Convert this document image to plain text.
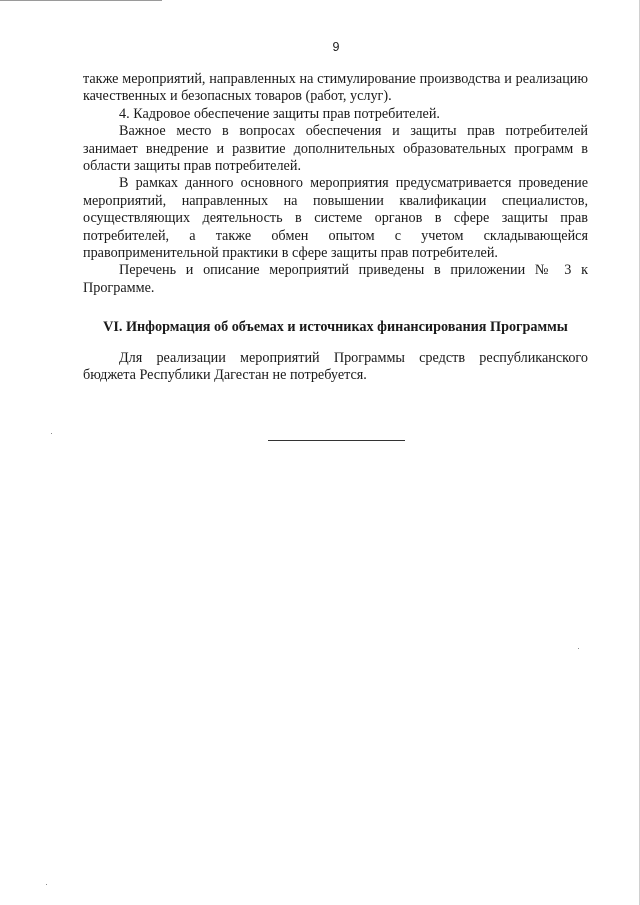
9

также мероприятий, направленных на стимулирование производства и реализацию качественных и безопасных товаров (работ, услуг).

4. Кадровое обеспечение защиты прав потребителей.

Важное место в вопросах обеспечения и защиты прав потребителей занимает внедрение и развитие дополнительных образовательных программ в области защиты прав потребителей.

В рамках данного основного мероприятия предусматривается проведение мероприятий, направленных на повышении квалификации специалистов, осуществляющих деятельность в системе органов в сфере защиты прав потребителей, а также обмен опытом с учетом складывающейся правоприменительной практики в сфере защиты прав потребителей.

Перечень и описание мероприятий приведены в приложении № 3 к Программе.

VI. Информация об объемах и источниках финансирования Программы

Для реализации мероприятий Программы средств республиканского бюджета Республики Дагестан не потребуется.
